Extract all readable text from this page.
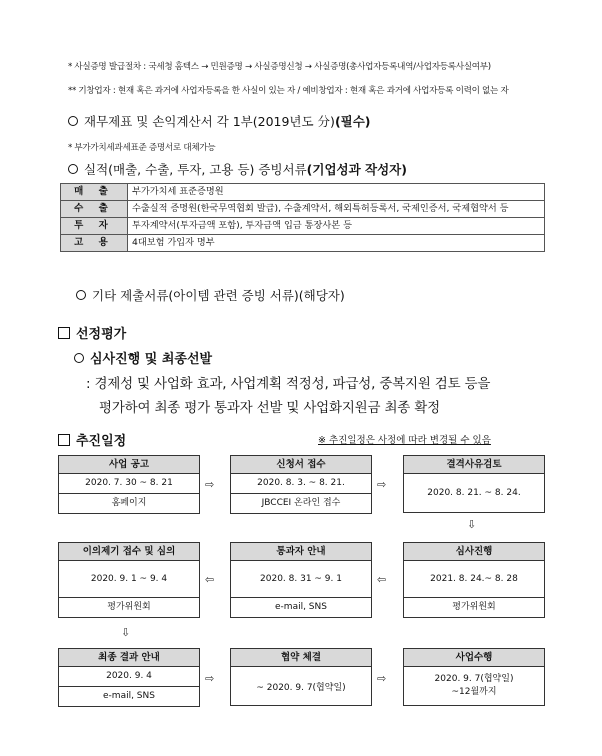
* 사실증명 발급절차 : 국세청 홈텍스 → 민원증명 → 사실증명신청 → 사실증명(총사업자등록내역/사업자등록사실여부)
** 기창업자 : 현재 혹은 과거에 사업자등록을 한 사실이 있는 자 / 예비창업자 : 현재 혹은 과거에 사업자등록 이력이 없는 자
재무제표 및 손익계산서 각 1부(2019년도 分) (필수)
* 부가가치세과세표준 증명서로 대체가능
실적(매출, 수출, 투자, 고용 등) 증빙서류 (기업성과 작성자)
매 출	부가가치세 표준증명원
수 출	수출실적 증명원(한국무역협회 발급), 수출계약서, 해외특허등록서, 국제인증서, 국제협약서 등
투 자	투자계약서(투자금액 포함), 투자금액 입금 통장사본 등
고 용	4대보험 가입자 명부
기타 제출서류(아이템 관련 증빙 서류)(해당자)
선정평가
심사진행 및 최종선발
: 경제성 및 사업화 효과, 사업계획 적정성, 파급성, 중복지원 검토 등을
평가하여 최종 평가 통과자 선발 및 사업화지원금 최종 확정
추진일정	※ 추진일정은 사정에 따라 변경될 수 있음
사업 공고
2020. 7. 30 ~ 8. 21
홈페이지
⇨
신청서 접수
2020. 8. 3. ~ 8. 21.
JBCCEI 온라인 접수
⇨
결격사유검토
2020. 8. 21. ~ 8. 24.
⇩
이의제기 접수 및 심의
2020. 9. 1 ~ 9. 4
평가위원회
⇦
통과자 안내
2020. 8. 31 ~ 9. 1
e-mail, SNS
⇦
심사진행
2021. 8. 24.~ 8. 28
평가위원회
⇩
최종 결과 안내
2020. 9. 4
e-mail, SNS
⇨
협약 체결
~ 2020. 9. 7(협약일)
⇨
사업수행
2020. 9. 7(협약일)
~12월까지
